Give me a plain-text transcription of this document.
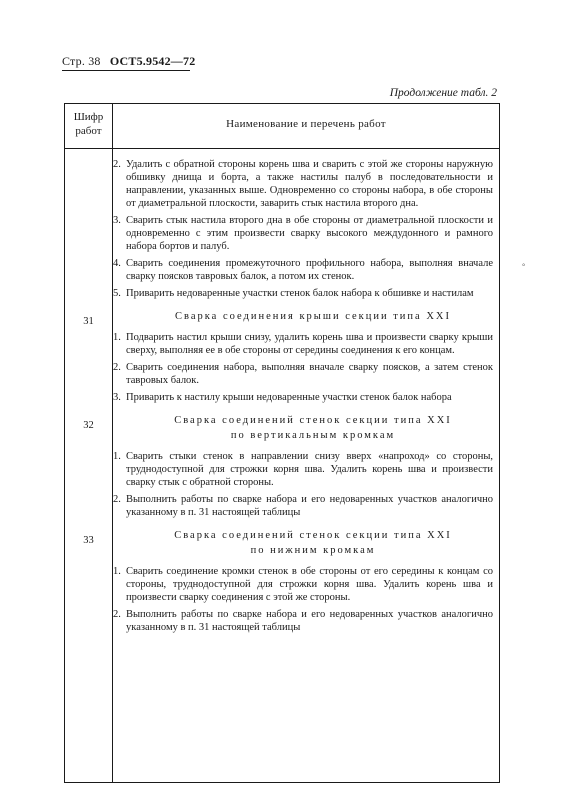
Стр. 38 ОСТ5.9542—72
Продолжение табл. 2
Шифр
работ
Наименование и перечень работ
31
32
33
2. Удалить с обратной стороны корень шва и сварить с этой же стороны наружную обшивку днища и борта, а также настилы палуб в последовательности и направлении, указанных выше. Одновременно со стороны набора, в обе стороны от диаметральной плоскости, заварить стык настила второго дна.
3. Сварить стык настила второго дна в обе стороны от диаметральной плоскости и одновременно с этим произвести сварку высокого междудонного и рамного набора бортов и палуб.
4. Сварить соединения промежуточного профильного набора, выполняя вначале сварку поясков тавровых балок, а потом их стенок.
5. Приварить недоваренные участки стенок балок набора к обшивке и настилам
Сварка соединения крыши секции типа XXI
1. Подварить настил крыши снизу, удалить корень шва и произвести сварку крыши сверху, выполняя ее в обе стороны от середины соединения к его концам.
2. Сварить соединения набора, выполняя вначале сварку поясков, а затем стенок тавровых балок.
3. Приварить к настилу крыши недоваренные участки стенок балок набора
Сварка соединений стенок секции типа XXI
по вертикальным кромкам
1. Сварить стыки стенок в направлении снизу вверх «напроход» со стороны, труднодоступной для строжки корня шва. Удалить корень шва и произвести сварку стык с обратной стороны.
2. Выполнить работы по сварке набора и его недоваренных участков аналогично указанному в п. 31 настоящей таблицы
Сварка соединений стенок секции типа XXI
по нижним кромкам
1. Сварить соединение кромки стенок в обе стороны от его середины к концам со стороны, труднодоступной для строжки корня шва. Удалить корень шва и произвести сварку соединения с этой же стороны.
2. Выполнить работы по сварке набора и его недоваренных участков аналогично указанному в п. 31 настоящей таблицы
°
